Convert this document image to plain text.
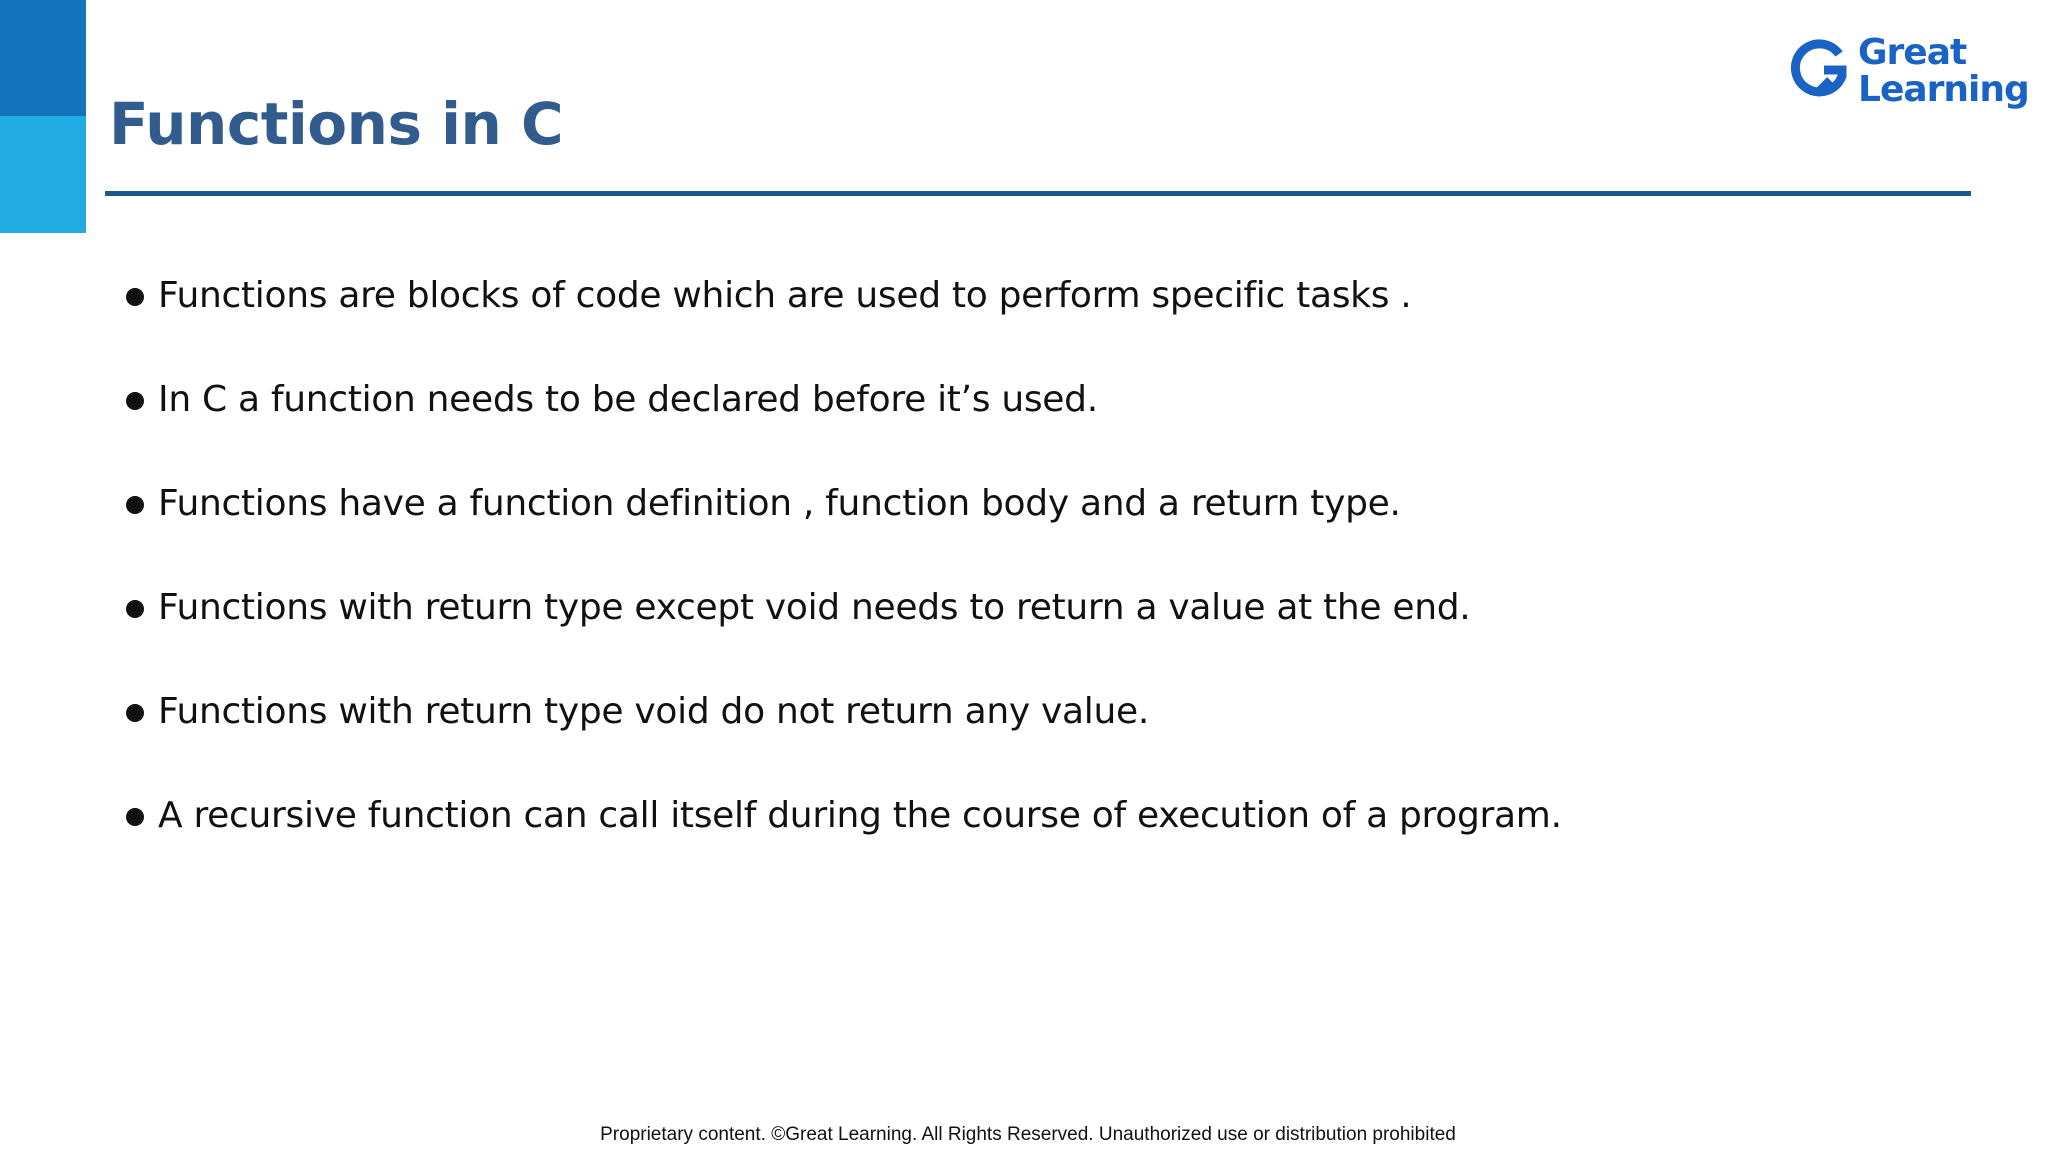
Functions in C
Great
Learning
Functions are blocks of code which are used to perform specific tasks .
In C a function needs to be declared before it’s used.
Functions have a function definition , function body and a return type.
Functions with return type except void needs to return a value at the end.
Functions with return type void do not return any value.
A recursive function can call itself during the course of execution of a program.
Proprietary content. ©Great Learning. All Rights Reserved. Unauthorized use or distribution prohibited
